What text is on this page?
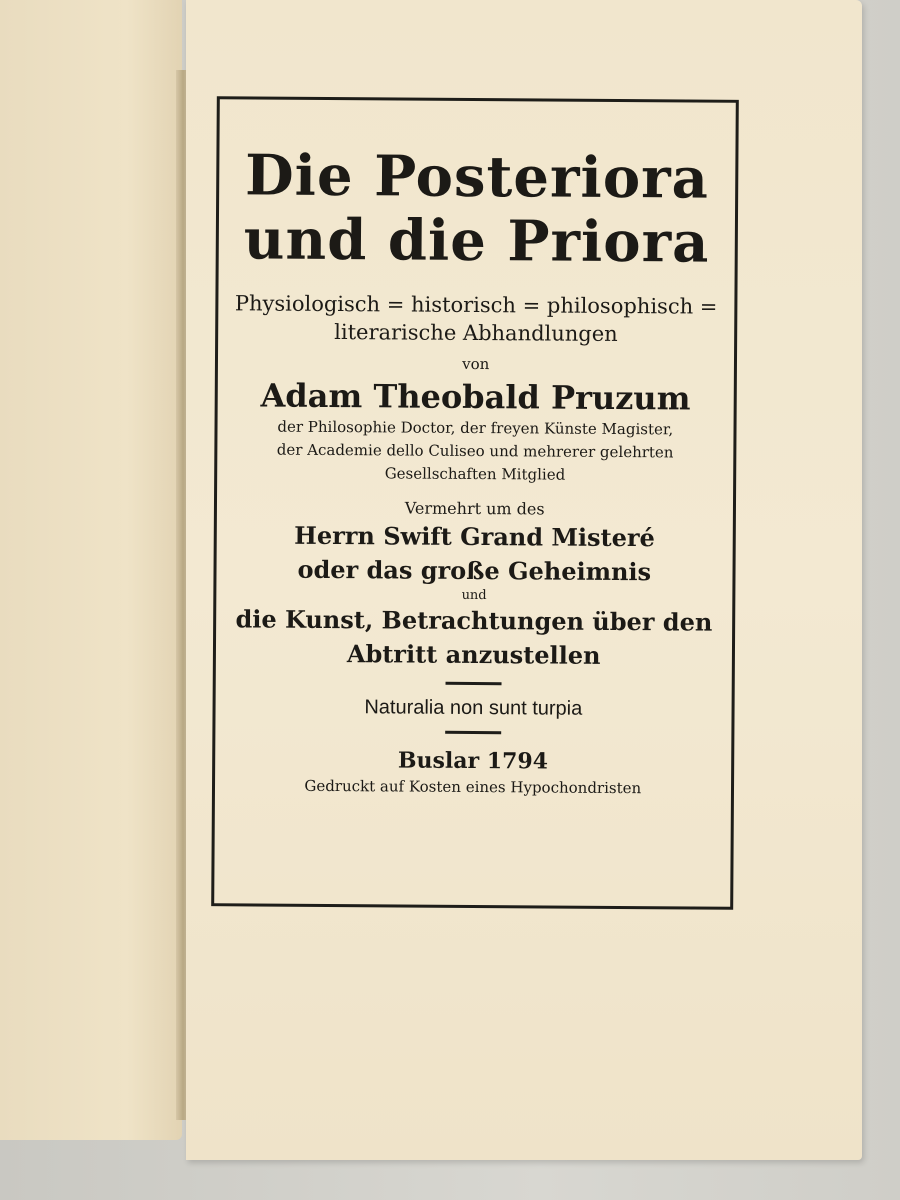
Die Posteriora
und die Priora
Physiologisch = historisch = philosophisch =
literarische Abhandlungen
von
Adam Theobald Pruzum
der Philosophie Doctor, der freyen Künste Magister,
der Academie dello Culiseo und mehrerer gelehrten
Gesellschaften Mitglied
Vermehrt um des
Herrn Swift Grand Misteré
oder das große Geheimnis
und
die Kunst, Betrachtungen über den
Abtritt anzustellen
Naturalia non sunt turpia
Buslar 1794
Gedruckt auf Kosten eines Hypochondristen
